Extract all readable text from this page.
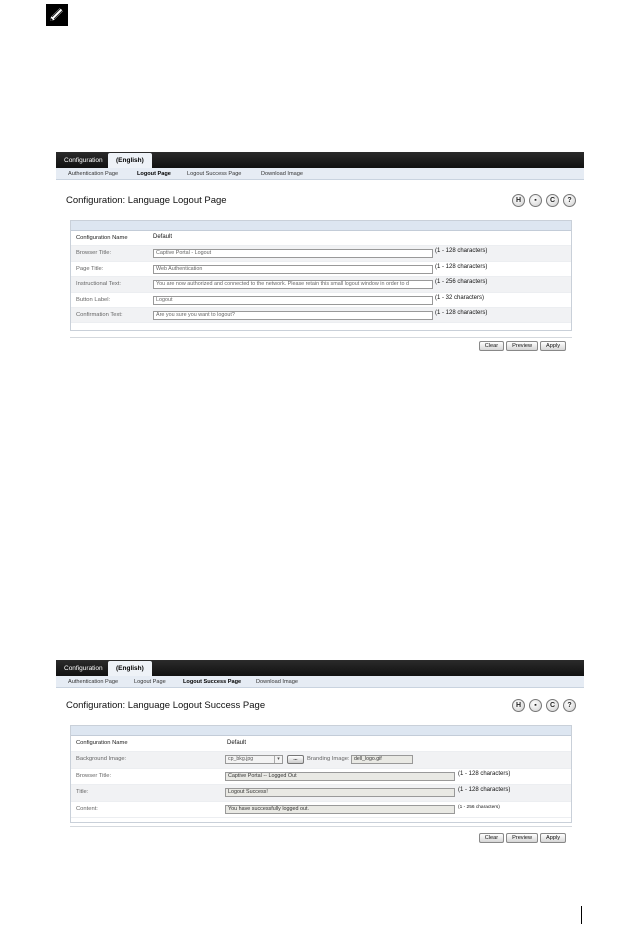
Configuration	(English)
Authentication Page	Logout Page	Logout Success Page	Download Image
Configuration: Language Logout Page	H	▪	C	?
Configuration Name	Default
Browser Title:	Captive Portal - Logout	(1 - 128 characters)
Page Title:	Web Authentication	(1 - 128 characters)
Instructional Text:	You are now authorized and connected to the network. Please retain this small logout window in order to d	(1 - 256 characters)
Button Label:	Logout	(1 - 32 characters)
Confirmation Text:	Are you sure you want to logout?	(1 - 128 characters)
Clear	Preview	Apply
Configuration	(English)
Authentication Page	Logout Page	Logout Success Page	Download Image
Configuration: Language Logout Success Page	H	▪	C	?
Configuration Name	Default
Background Image:	cp_bkg.jpg	▾	...	Branding Image: dell_logo.gif
Browser Title:	Captive Portal -- Logged Out	(1 - 128 characters)
Title:	Logout Success!	(1 - 128 characters)
Content:	You have successfully logged out.	(1 - 256 characters)
Clear	Preview	Apply
